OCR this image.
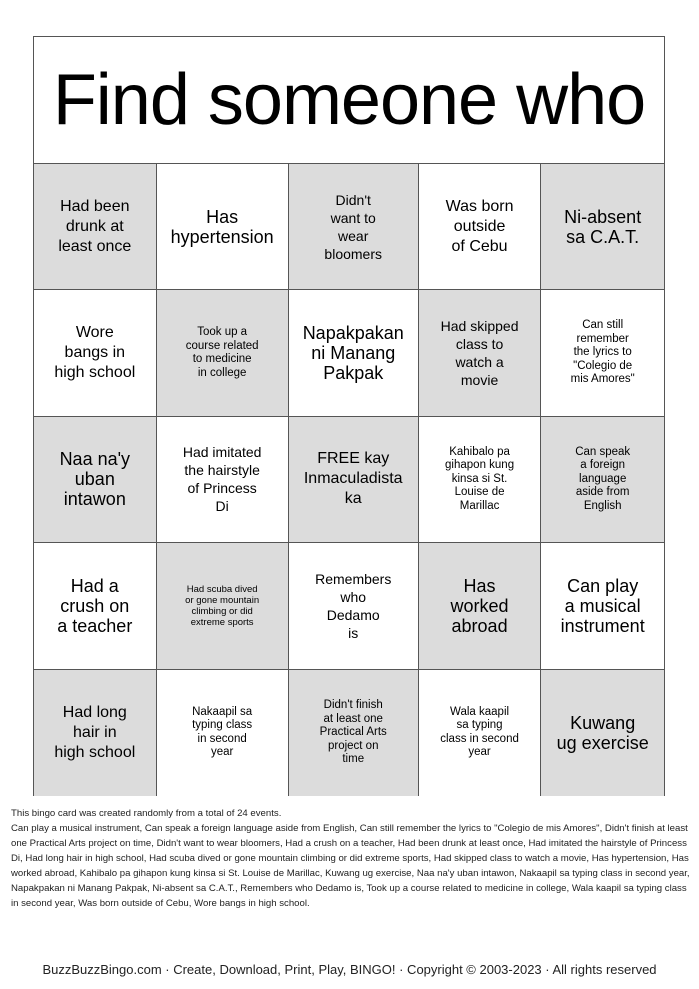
Find someone who
Had been
drunk at
least once
Has
hypertension
Didn't
want to
wear
bloomers
Was born
outside
of Cebu
Ni-absent
sa C.A.T.
Wore
bangs in
high school
Took up a
course related
to medicine
in college
Napakpakan
ni Manang
Pakpak
Had skipped
class to
watch a
movie
Can still
remember
the lyrics to
"Colegio de
mis Amores"
Naa na'y
uban
intawon
Had imitated
the hairstyle
of Princess
Di
FREE kay
Inmaculadista
ka
Kahibalo pa
gihapon kung
kinsa si St.
Louise de
Marillac
Can speak
a foreign
language
aside from
English
Had a
crush on
a teacher
Had scuba dived
or gone mountain
climbing or did
extreme sports
Remembers
who
Dedamo
is
Has
worked
abroad
Can play
a musical
instrument
Had long
hair in
high school
Nakaapil sa
typing class
in second
year
Didn't finish
at least one
Practical Arts
project on
time
Wala kaapil
sa typing
class in second
year
Kuwang
ug exercise
This bingo card was created randomly from a total of 24 events.
Can play a musical instrument, Can speak a foreign language aside from English, Can still remember the lyrics to "Colegio de mis Amores", Didn't finish at least one Practical Arts project on time, Didn't want to wear bloomers, Had a crush on a teacher, Had been drunk at least once, Had imitated the hairstyle of Princess Di, Had long hair in high school, Had scuba dived or gone mountain climbing or did extreme sports, Had skipped class to watch a movie, Has hypertension, Has worked abroad, Kahibalo pa gihapon kung kinsa si St. Louise de Marillac, Kuwang ug exercise, Naa na'y uban intawon, Nakaapil sa typing class in second year, Napakpakan ni Manang Pakpak, Ni-absent sa C.A.T., Remembers who Dedamo is, Took up a course related to medicine in college, Wala kaapil sa typing class in second year, Was born outside of Cebu, Wore bangs in high school.
BuzzBuzzBingo.com · Create, Download, Print, Play, BINGO! · Copyright © 2003-2023 · All rights reserved
